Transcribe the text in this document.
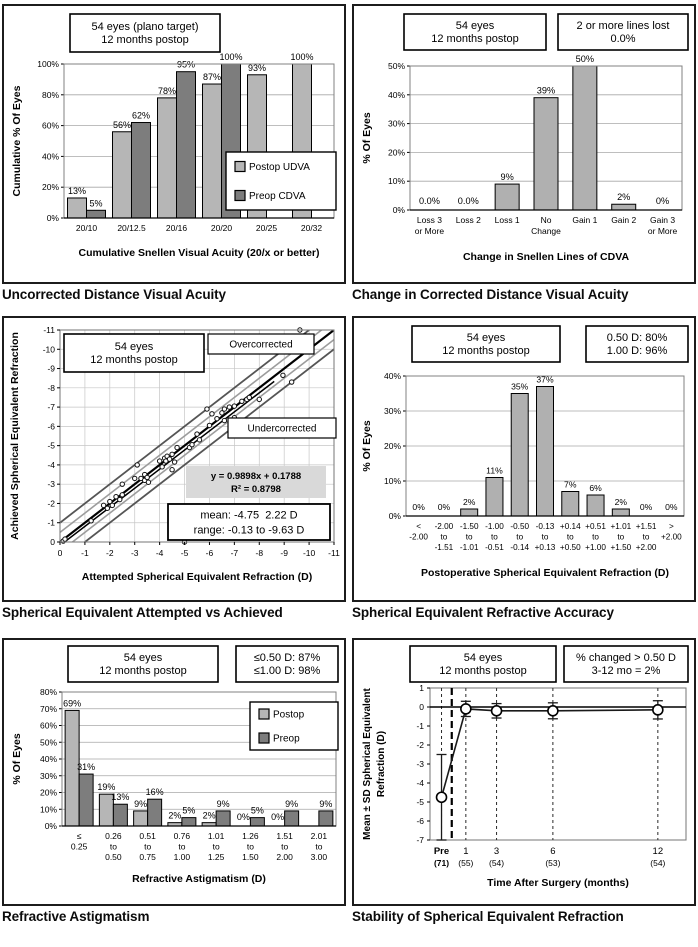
0%
20%
40%
60%
80%
100%
13%
56%
78%
87%
93%
100%
5%
62%
95%
100%
20/10 20/12.5 20/16	20/20	20/25	20/32
Cumulative Snellen Visual Acuity (20/x or better)
Cumulative % Of Eyes
54 eyes (plano target)
12 months postop
Postop UDVA
Preop CDVA
Uncorrected Distance Visual Acuity
0%
10%
20%
30%
40%
50%
0.0% 0.0%
9%
39%
50%
2%	0%
Loss 3
or More
Loss 2 Loss 1 No
Change
Gain 1 Gain 2 Gain 3
or More
Change in Snellen Lines of CDVA
% Of Eyes
54 eyes
12 months postop
2 or more lines lost
0.0%
Change in Corrected Distance Visual Acuity
0 -1 -2 -3 -4 -5 -6 -7 -8 -9 -10 -11
0
-1
-2
-3
-4
-5
-6
-7
-8
-9
-10
-11
Attempted Spherical Equivalent Refraction (D)
Achieved Spherical Equivalent Refraction	54 eyes
12 months postop
Overcorrected
Undercorrected
y = 0.9898x + 0.1788
R² = 0.8798
mean: -4.75  2.22 D
range: -0.13 to -9.63 D
Spherical Equivalent Attempted vs Achieved
0%
10%
20%
30%
40%
0% 0% 2%
11%
35%
37%
7% 6%
2% 0% 0%
<
-2.00
-2.00
to
-1.51
-1.50
to
-1.01
-1.00
to
-0.51
-0.50
to
-0.14
-0.13
to
+0.13
+0.14
to
+0.50
+0.51
to
+1.00
+1.01
to
+1.50
+1.51
to
+2.00
>
+2.00
Postoperative Spherical Equivalent Refraction (D)
% Of Eyes
54 eyes
12 months postop
0.50 D: 80%
1.00 D: 96%
Spherical Equivalent Refractive Accuracy
0%
10%
20%
30%
40%
50%
60%
70%
80%
69%
19%
9%
2% 2% 0% 0%
31%
13%
16%
5%
9%
5%
9% 9%
≤
0.25
0.26
to
0.50
0.51
to
0.75
0.76
to
1.00
1.01
to
1.25
1.26
to
1.50
1.51
to
2.00
2.01
to
3.00
Refractive Astigmatism (D)
% Of Eyes
54 eyes
12 months postop
≤0.50 D: 87%
≤1.00 D: 98%
Postop
Preop
Refractive Astigmatism
1
0
-1
-2
-3
-4
-5
-6
-7
Pre
(71)
1
(55)
3
(54)
6
(53)
12
(54)
Time After Surgery (months)
Mean ± SD Spherical Equivalent Refraction (D)
54 eyes
12 months postop
% changed > 0.50 D
3-12 mo = 2%
Stability of Spherical Equivalent Refraction
